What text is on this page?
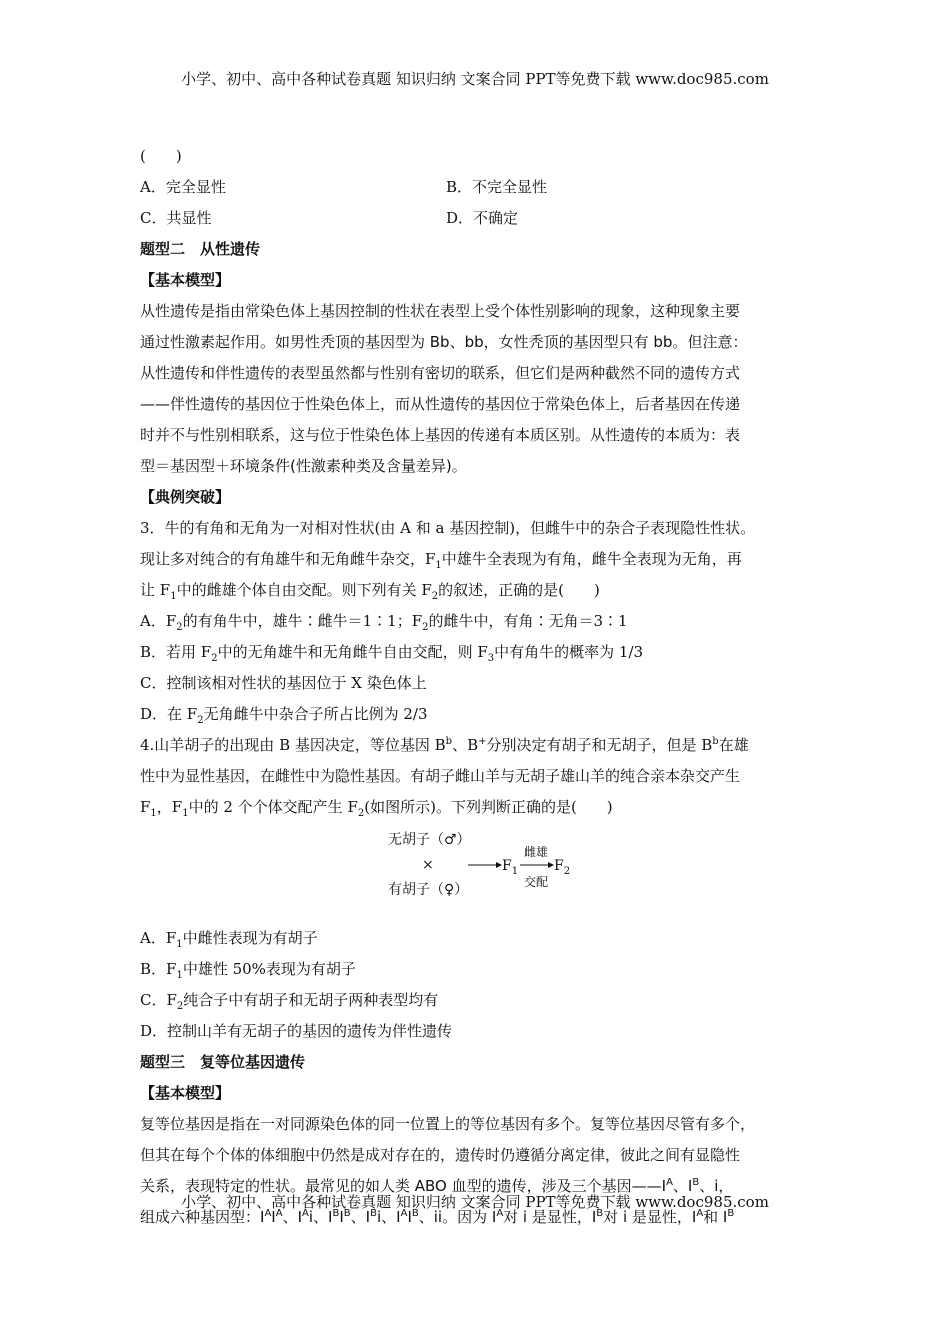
小学、初中、高中各种试卷真题 知识归纳 文案合同 PPT等免费下载 www.doc985.com
(　　)
A．完全显性	B．不完全显性
C．共显性	D．不确定
题型二　从性遗传
【基本模型】
从性遗传是指由常染色体上基因控制的性状在表型上受个体性别影响的现象，这种现象主要
通过性激素起作用。如男性秃顶的基因型为 Bb、bb，女性秃顶的基因型只有 bb。但注意：
从性遗传和伴性遗传的表型虽然都与性别有密切的联系，但它们是两种截然不同的遗传方式
——伴性遗传的基因位于性染色体上，而从性遗传的基因位于常染色体上，后者基因在传递
时并不与性别相联系，这与位于性染色体上基因的传递有本质区别。从性遗传的本质为：表
型＝基因型＋环境条件(性激素种类及含量差异)。
【典例突破】
3．牛的有角和无角为一对相对性状(由 A 和 a 基因控制)，但雌牛中的杂合子表现隐性性状。
现让多对纯合的有角雄牛和无角雌牛杂交，$F_1$中雄牛全表现为有角，雌牛全表现为无角，再
让 $F_1$中的雌雄个体自由交配。则下列有关 $F_2$的叙述，正确的是(　　)
A．$F_2$的有角牛中，雄牛∶雌牛＝1∶1；$F_2$的雌牛中，有角∶无角＝3∶1
B．若用 $F_2$中的无角雄牛和无角雌牛自由交配，则 $F_3$中有角牛的概率为 1/3
C．控制该相对性状的基因位于 X 染色体上
D．在 $F_2$无角雌牛中杂合子所占比例为 2/3
4.山羊胡子的出现由 B 基因决定，等位基因 $B^b$、B+分别决定有胡子和无胡子，但是 $B^b$在雄
性中为显性基因，在雌性中为隐性基因。有胡子雌山羊与无胡子雄山羊的纯合亲本杂交产生
$F_1$，$F_1$中的 2 个个体交配产生 $F_2$(如图所示)。下列判断正确的是(　　)
无胡子（♂）
×
有胡子（♀）
$F_1$
雌雄
交配
$F_2$
A．$F_1$中雌性表现为有胡子
B．$F_1$中雄性 50%表现为有胡子
C．$F_2$纯合子中有胡子和无胡子两种表型均有
D．控制山羊有无胡子的基因的遗传为伴性遗传
题型三　复等位基因遗传
【基本模型】
复等位基因是指在一对同源染色体的同一位置上的等位基因有多个。复等位基因尽管有多个，
但其在每个个体的体细胞中仍然是成对存在的，遗传时仍遵循分离定律，彼此之间有显隐性
关系，表现特定的性状。最常见的如人类 ABO 血型的遗传，涉及三个基因$——I^A$、$I^B$、i，
组成六种基因型：$I^AI^A$、$I^Ai$、$I^BI^B$、$I^Bi$、$I^AI^B$、ii。因为 $I^A$对 i 是显性，$I^B$对 i 是显性，$I^A$和 $I^B$
小学、初中、高中各种试卷真题 知识归纳 文案合同 PPT等免费下载 www.doc985.com
